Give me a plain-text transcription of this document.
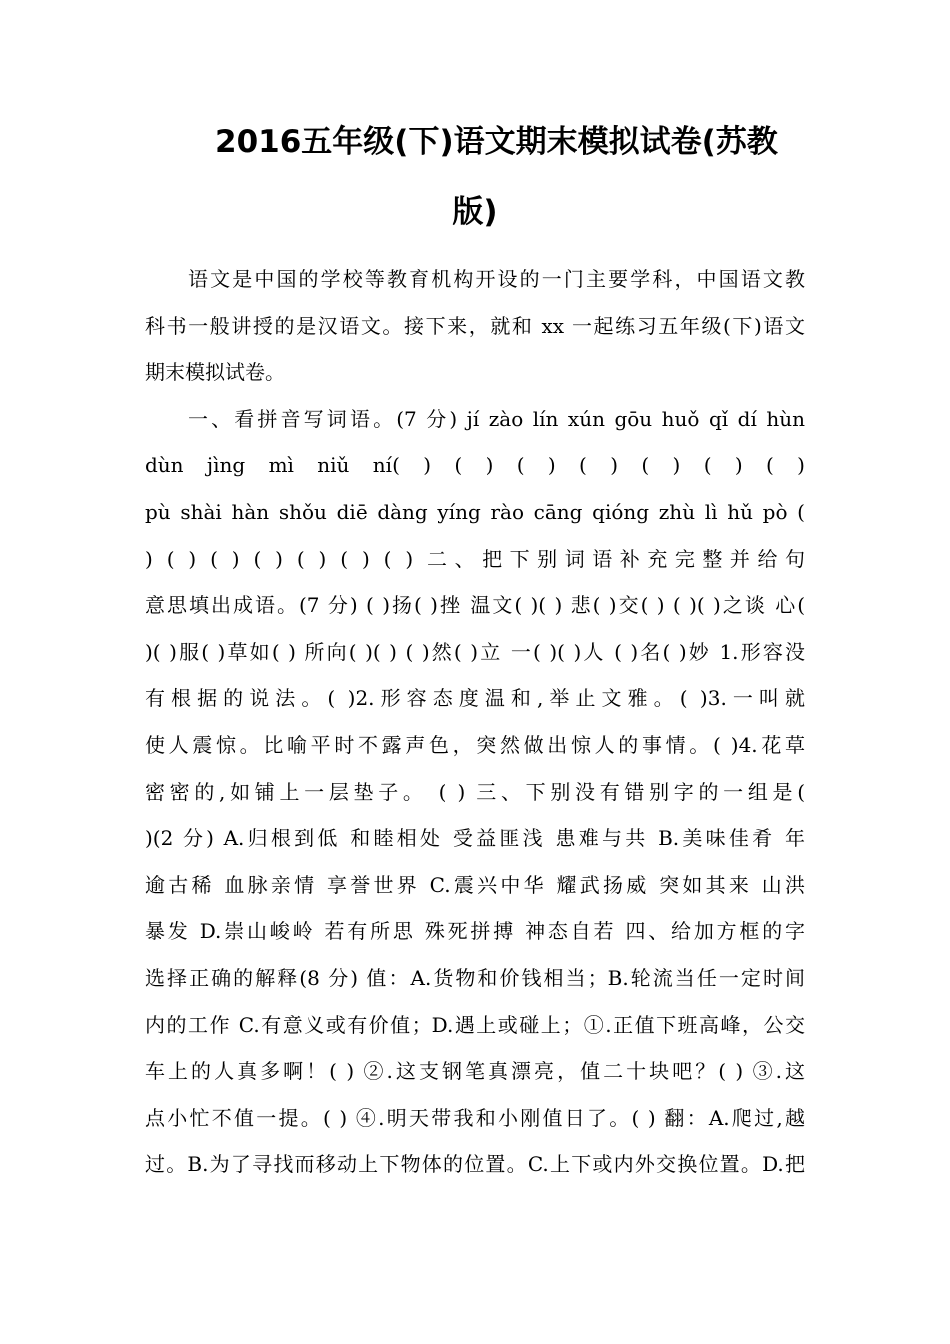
2016五年级(下)语文期末模拟试卷(苏教
版)
语文是中国的学校等教育机构开设的一门主要学科，中国语文教
科书一般讲授的是汉语文。接下来，就和 xx 一起练习五年级(下)语文
期末模拟试卷。
一、看拼音写词语。(7 分) jí zào lín xún gōu huǒ qǐ dí hùn
dùn jìng mì niǔ ní( ) ( ) ( ) ( ) ( ) ( ) ( )
pù shài hàn shǒu diē dàng yíng rào cāng qióng zhù lì hǔ pò (
) ( ) ( ) ( ) ( ) ( ) ( ) 二、把下别词语补充完整并给句
意思填出成语。(7 分) ( )扬( )挫 温文( )( ) 悲( )交( ) ( )( )之谈 心(
)( )服( )草如( ) 所向( )( ) ( )然( )立 一( )( )人 ( )名( )妙 1.形容没
有根据的说法。( )2.形容态度温和,举止文雅。( )3.一叫就
使人震惊。比喻平时不露声色，突然做出惊人的事情。( )4.花草
密密的,如铺上一层垫子。 ( ) 三、下别没有错别字的一组是(
)(2 分) A.归根到低 和睦相处 受益匪浅 患难与共 B.美味佳肴 年
逾古稀 血脉亲情 享誉世界 C.震兴中华 耀武扬威 突如其来 山洪
暴发 D.崇山峻岭 若有所思 殊死拼搏 神态自若 四、给加方框的字
选择正确的解释(8 分) 值：A.货物和价钱相当；B.轮流当任一定时间
内的工作 C.有意义或有价值；D.遇上或碰上；①.正值下班高峰，公交
车上的人真多啊！( ) ②.这支钢笔真漂亮，值二十块吧？( ) ③.这
点小忙不值一提。( ) ④.明天带我和小刚值日了。( ) 翻：A.爬过,越
过。B.为了寻找而移动上下物体的位置。C.上下或内外交换位置。D.把
